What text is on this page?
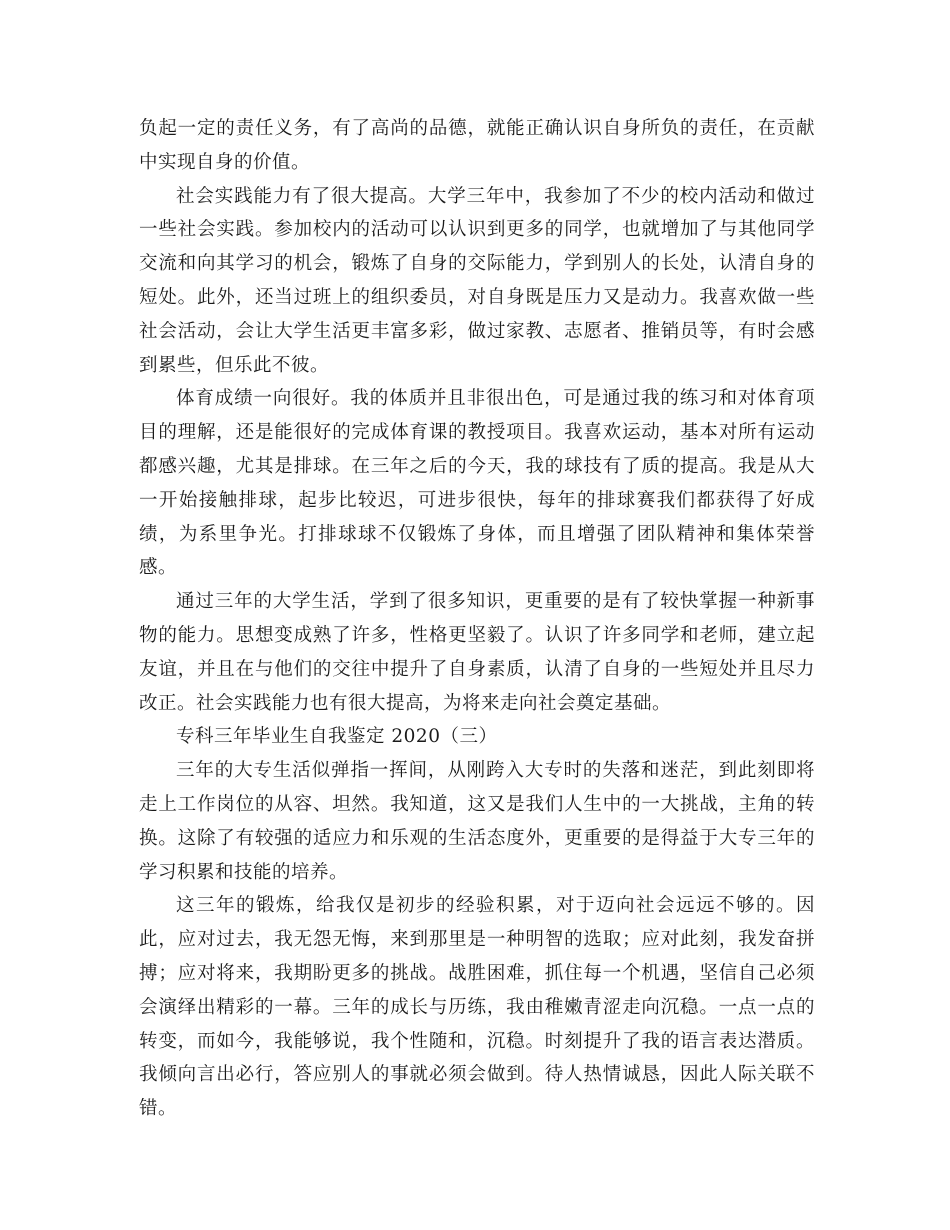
负起一定的责任义务，有了高尚的品德，就能正确认识自身所负的责任，在贡献中实现自身的价值。

社会实践能力有了很大提高。大学三年中，我参加了不少的校内活动和做过一些社会实践。参加校内的活动可以认识到更多的同学，也就增加了与其他同学交流和向其学习的机会，锻炼了自身的交际能力，学到别人的长处，认清自身的短处。此外，还当过班上的组织委员，对自身既是压力又是动力。我喜欢做一些社会活动，会让大学生活更丰富多彩，做过家教、志愿者、推销员等，有时会感到累些，但乐此不彼。

体育成绩一向很好。我的体质并且非很出色，可是通过我的练习和对体育项目的理解，还是能很好的完成体育课的教授项目。我喜欢运动，基本对所有运动都感兴趣，尤其是排球。在三年之后的今天，我的球技有了质的提高。我是从大一开始接触排球，起步比较迟，可进步很快，每年的排球赛我们都获得了好成绩，为系里争光。打排球球不仅锻炼了身体，而且增强了团队精神和集体荣誉感。

通过三年的大学生活，学到了很多知识，更重要的是有了较快掌握一种新事物的能力。思想变成熟了许多，性格更坚毅了。认识了许多同学和老师，建立起友谊，并且在与他们的交往中提升了自身素质，认清了自身的一些短处并且尽力改正。社会实践能力也有很大提高，为将来走向社会奠定基础。

专科三年毕业生自我鉴定 2020（三）

三年的大专生活似弹指一挥间，从刚跨入大专时的失落和迷茫，到此刻即将走上工作岗位的从容、坦然。我知道，这又是我们人生中的一大挑战，主角的转换。这除了有较强的适应力和乐观的生活态度外，更重要的是得益于大专三年的学习积累和技能的培养。

这三年的锻炼，给我仅是初步的经验积累，对于迈向社会远远不够的。因此，应对过去，我无怨无悔，来到那里是一种明智的选取；应对此刻，我发奋拼搏；应对将来，我期盼更多的挑战。战胜困难，抓住每一个机遇，坚信自己必须会演绎出精彩的一幕。三年的成长与历练，我由稚嫩青涩走向沉稳。一点一点的转变，而如今，我能够说，我个性随和，沉稳。时刻提升了我的语言表达潜质。我倾向言出必行，答应别人的事就必须会做到。待人热情诚恳，因此人际关联不错。
